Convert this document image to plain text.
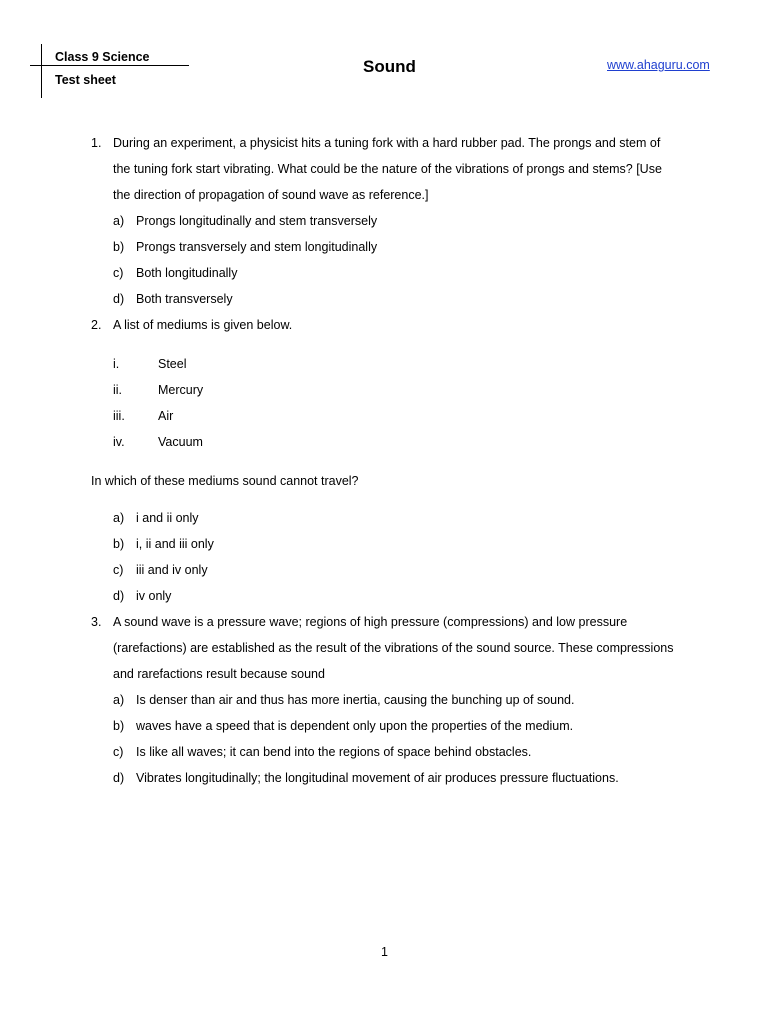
Class 9 Science
Test sheet
Sound	www.ahaguru.com
1. During an experiment, a physicist hits a tuning fork with a hard rubber pad. The prongs and stem of
the tuning fork start vibrating. What could be the nature of the vibrations of prongs and stems? [Use
the direction of propagation of sound wave as reference.]
a) Prongs longitudinally and stem transversely
b) Prongs transversely and stem longitudinally
c) Both longitudinally
d) Both transversely
2. A list of mediums is given below.
i.	Steel
ii.	Mercury
iii.	Air
iv.	Vacuum
In which of these mediums sound cannot travel?
a) i and ii only
b) i, ii and iii only
c) iii and iv only
d) iv only
3. A sound wave is a pressure wave; regions of high pressure (compressions) and low pressure
(rarefactions) are established as the result of the vibrations of the sound source. These compressions
and rarefactions result because sound
a) Is denser than air and thus has more inertia, causing the bunching up of sound.
b) waves have a speed that is dependent only upon the properties of the medium.
c) Is like all waves; it can bend into the regions of space behind obstacles.
d) Vibrates longitudinally; the longitudinal movement of air produces pressure fluctuations.
1
